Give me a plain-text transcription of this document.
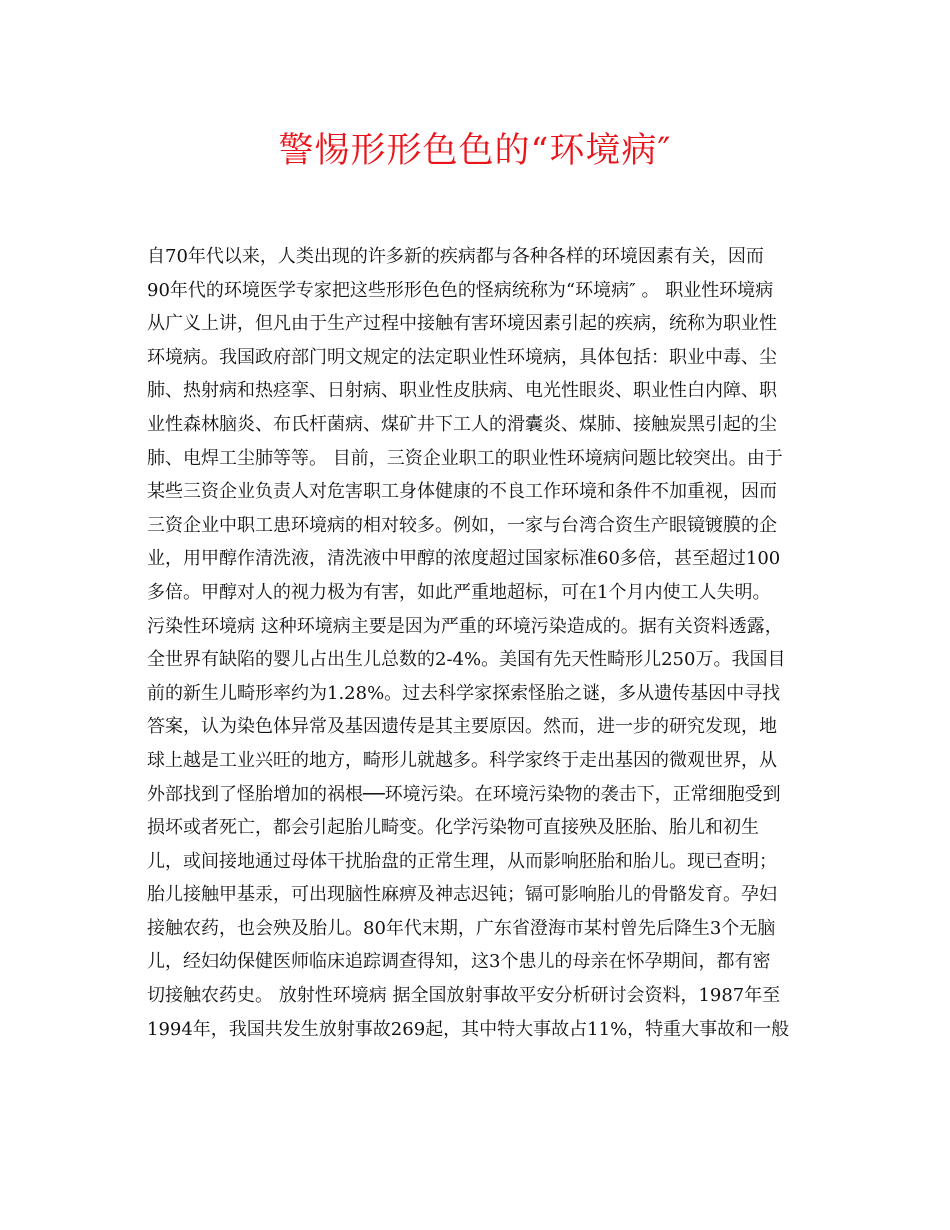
警惕形形色色的“环境病″
自70年代以来，人类出现的许多新的疾病都与各种各样的环境因素有关，因而
90年代的环境医学专家把这些形形色色的怪病统称为“环境病″ 。 职业性环境病
从广义上讲，但凡由于生产过程中接触有害环境因素引起的疾病，统称为职业性
环境病。我国政府部门明文规定的法定职业性环境病，具体包括：职业中毒、尘
肺、热射病和热痉挛、日射病、职业性皮肤病、电光性眼炎、职业性白内障、职
业性森林脑炎、布氏杆菌病、煤矿井下工人的滑囊炎、煤肺、接触炭黑引起的尘
肺、电焊工尘肺等等。 目前，三资企业职工的职业性环境病问题比较突出。由于
某些三资企业负责人对危害职工身体健康的不良工作环境和条件不加重视，因而
三资企业中职工患环境病的相对较多。例如，一家与台湾合资生产眼镜镀膜的企
业，用甲醇作清洗液，清洗液中甲醇的浓度超过国家标准60多倍，甚至超过100
多倍。甲醇对人的视力极为有害，如此严重地超标，可在1个月内使工人失明。
污染性环境病 这种环境病主要是因为严重的环境污染造成的。据有关资料透露，
全世界有缺陷的婴儿占出生儿总数的2-4%。美国有先天性畸形儿250万。我国目
前的新生儿畸形率约为1.28%。过去科学家探索怪胎之谜，多从遗传基因中寻找
答案，认为染色体异常及基因遗传是其主要原因。然而，进一步的研究发现，地
球上越是工业兴旺的地方，畸形儿就越多。科学家终于走出基因的微观世界，从
外部找到了怪胎增加的祸根──环境污染。在环境污染物的袭击下，正常细胞受到
损坏或者死亡，都会引起胎儿畸变。化学污染物可直接殃及胚胎、胎儿和初生
儿，或间接地通过母体干扰胎盘的正常生理，从而影响胚胎和胎儿。现已查明；
胎儿接触甲基汞，可出现脑性麻痹及神志迟钝；镉可影响胎儿的骨骼发育。孕妇
接触农药，也会殃及胎儿。80年代末期，广东省澄海市某村曾先后降生3个无脑
儿，经妇幼保健医师临床追踪调查得知，这3个患儿的母亲在怀孕期间，都有密
切接触农药史。 放射性环境病 据全国放射事故平安分析研讨会资料，1987年至
1994年，我国共发生放射事故269起，其中特大事故占11%，特重大事故和一般
